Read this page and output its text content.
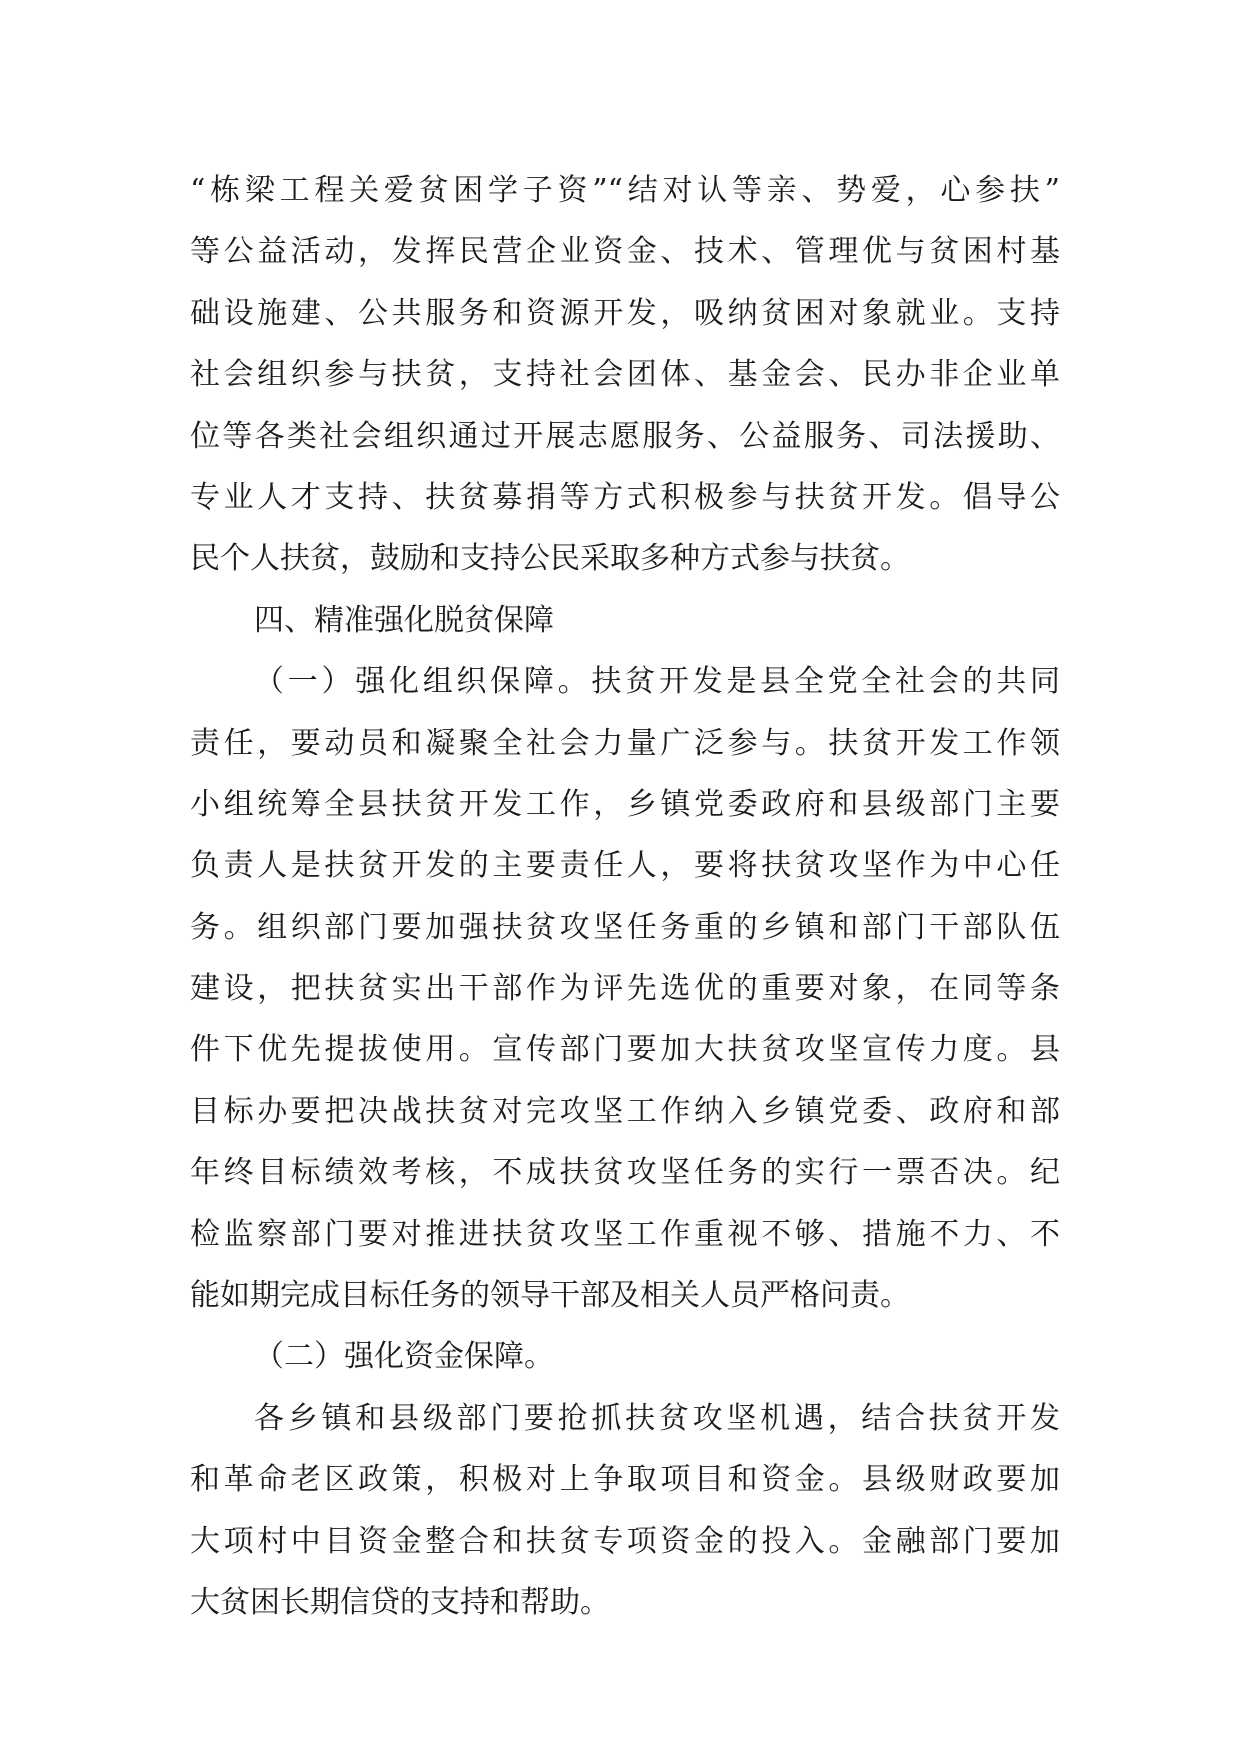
“栋梁工程关爱贫困学子资”“结对认等亲、势爱，心参扶”
等公益活动，发挥民营企业资金、技术、管理优与贫困村基
础设施建、公共服务和资源开发，吸纳贫困对象就业。支持
社会组织参与扶贫，支持社会团体、基金会、民办非企业单
位等各类社会组织通过开展志愿服务、公益服务、司法援助、
专业人才支持、扶贫募捐等方式积极参与扶贫开发。倡导公
民个人扶贫，鼓励和支持公民采取多种方式参与扶贫。
四、精准强化脱贫保障
（一）强化组织保障。扶贫开发是县全党全社会的共同
责任，要动员和凝聚全社会力量广泛参与。扶贫开发工作领
小组统筹全县扶贫开发工作，乡镇党委政府和县级部门主要
负责人是扶贫开发的主要责任人，要将扶贫攻坚作为中心任
务。组织部门要加强扶贫攻坚任务重的乡镇和部门干部队伍
建设，把扶贫实出干部作为评先选优的重要对象，在同等条
件下优先提拔使用。宣传部门要加大扶贫攻坚宣传力度。县
目标办要把决战扶贫对完攻坚工作纳入乡镇党委、政府和部
年终目标绩效考核，不成扶贫攻坚任务的实行一票否决。纪
检监察部门要对推进扶贫攻坚工作重视不够、措施不力、不
能如期完成目标任务的领导干部及相关人员严格问责。
（二）强化资金保障。
各乡镇和县级部门要抢抓扶贫攻坚机遇，结合扶贫开发
和革命老区政策，积极对上争取项目和资金。县级财政要加
大项村中目资金整合和扶贫专项资金的投入。金融部门要加
大贫困长期信贷的支持和帮助。
